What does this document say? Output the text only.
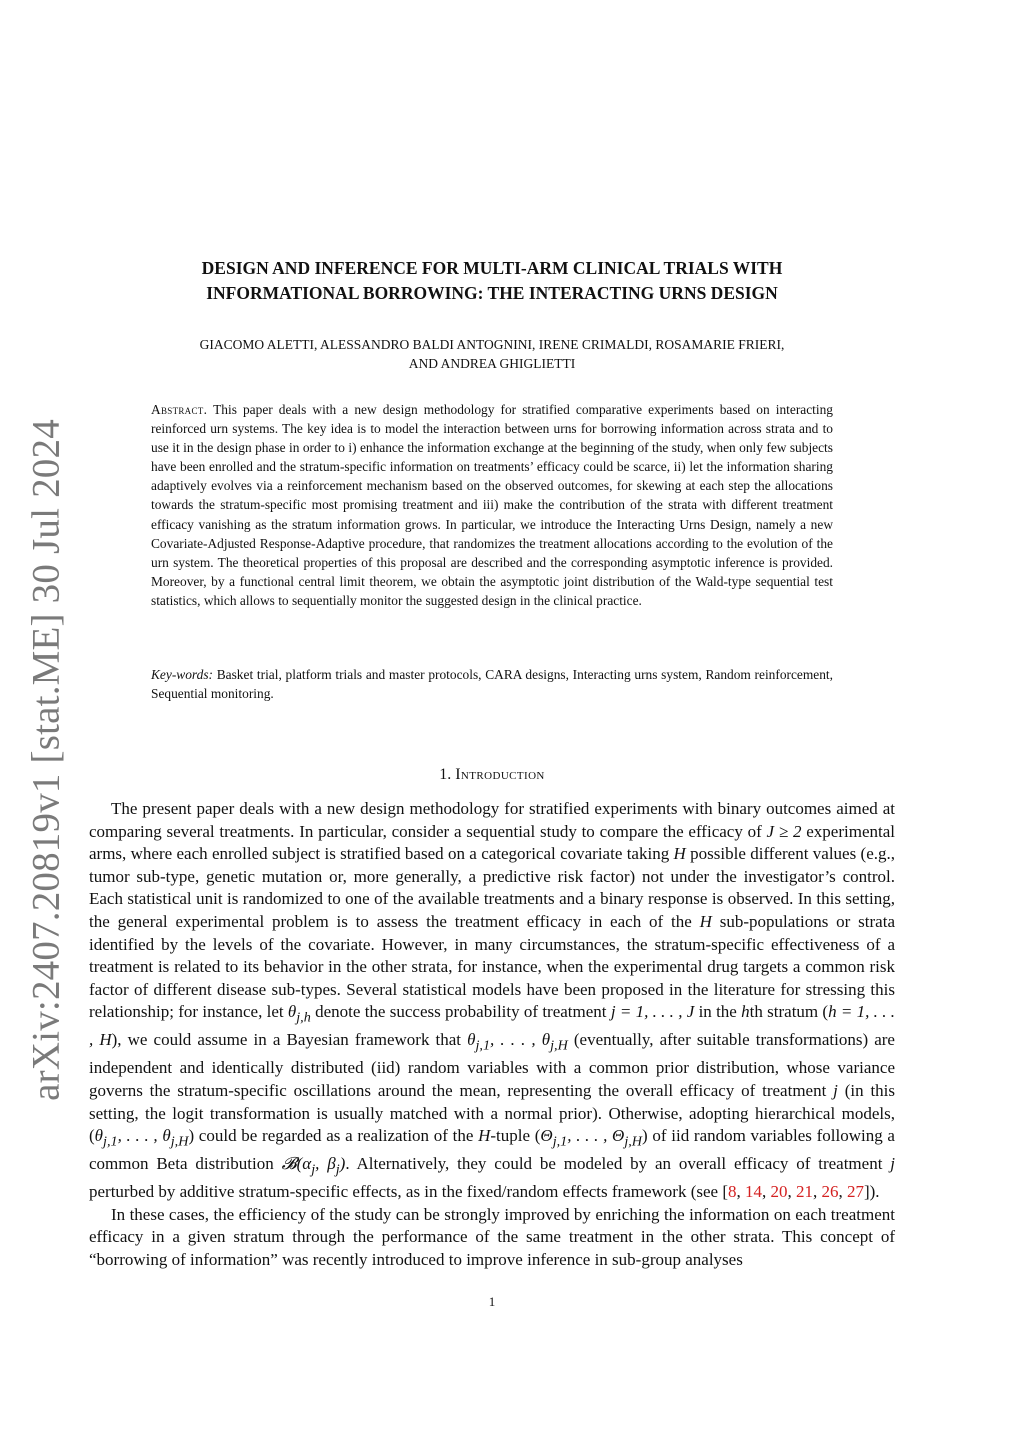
arXiv:2407.20819v1 [stat.ME] 30 Jul 2024
DESIGN AND INFERENCE FOR MULTI-ARM CLINICAL TRIALS WITH
INFORMATIONAL BORROWING: THE INTERACTING URNS DESIGN
GIACOMO ALETTI, ALESSANDRO BALDI ANTOGNINI, IRENE CRIMALDI, ROSAMARIE FRIERI,
AND ANDREA GHIGLIETTI
Abstract. This paper deals with a new design methodology for stratified comparative experiments based on interacting reinforced urn systems. The key idea is to model the interaction between urns for borrowing information across strata and to use it in the design phase in order to i) enhance the information exchange at the beginning of the study, when only few subjects have been enrolled and the stratum-specific information on treatments’ efficacy could be scarce, ii) let the information sharing adaptively evolves via a reinforcement mechanism based on the observed outcomes, for skewing at each step the allocations towards the stratum-specific most promising treatment and iii) make the contribution of the strata with different treatment efficacy vanishing as the stratum information grows. In particular, we introduce the Interacting Urns Design, namely a new Covariate-Adjusted Response-Adaptive procedure, that randomizes the treatment allocations according to the evolution of the urn system. The theoretical properties of this proposal are described and the corresponding asymptotic inference is provided. Moreover, by a functional central limit theorem, we obtain the asymptotic joint distribution of the Wald-type sequential test statistics, which allows to sequentially monitor the suggested design in the clinical practice.
Key-words: Basket trial, platform trials and master protocols, CARA designs, Interacting urns system, Random reinforcement, Sequential monitoring.
1. Introduction

The present paper deals with a new design methodology for stratified experiments with binary outcomes aimed at comparing several treatments. In particular, consider a sequential study to compare the efficacy of J ≥ 2 experimental arms, where each enrolled subject is stratified based on a categorical covariate taking H possible different values (e.g., tumor sub-type, genetic mutation or, more generally, a predictive risk factor) not under the investigator’s control. Each statistical unit is randomized to one of the available treatments and a binary response is observed. In this setting, the general experimental problem is to assess the treatment efficacy in each of the H sub-populations or strata identified by the levels of the covariate. However, in many circumstances, the stratum-specific effectiveness of a treatment is related to its behavior in the other strata, for instance, when the experimental drug targets a common risk factor of different disease sub-types. Several statistical models have been proposed in the literature for stressing this relationship; for instance, let $\theta_{j,h}$ denote the success probability of treatment j = 1, . . . , J in the hth stratum (h = 1, . . . , H), we could assume in a Bayesian framework that $\theta_{j,1}$, . . . , $\theta_{j,H}$ (eventually, after suitable transformations) are independent and identically distributed (iid) random variables with a common prior distribution, whose variance governs the stratum-specific oscillations around the mean, representing the overall efficacy of treatment j (in this setting, the logit transformation is usually matched with a normal prior). Otherwise, adopting hierarchical models, ($\theta_{j,1}$, . . . , $\theta_{j,H}$) could be regarded as a realization of the H-tuple ($\Theta_{j,1}$, . . . , $\Theta_{j,H}$) of iid random variables following a common Beta distribution $𝓑(\alpha_j$, $\beta_j$). Alternatively, they could be modeled by an overall efficacy of treatment j perturbed by additive stratum-specific effects, as in the fixed/random effects framework (see [8, 14, 20, 21, 26, 27]).

In these cases, the efficiency of the study can be strongly improved by enriching the information on each treatment efficacy in a given stratum through the performance of the same treatment in the other strata. This concept of “borrowing of information” was recently introduced to improve inference in sub-group analyses

1
